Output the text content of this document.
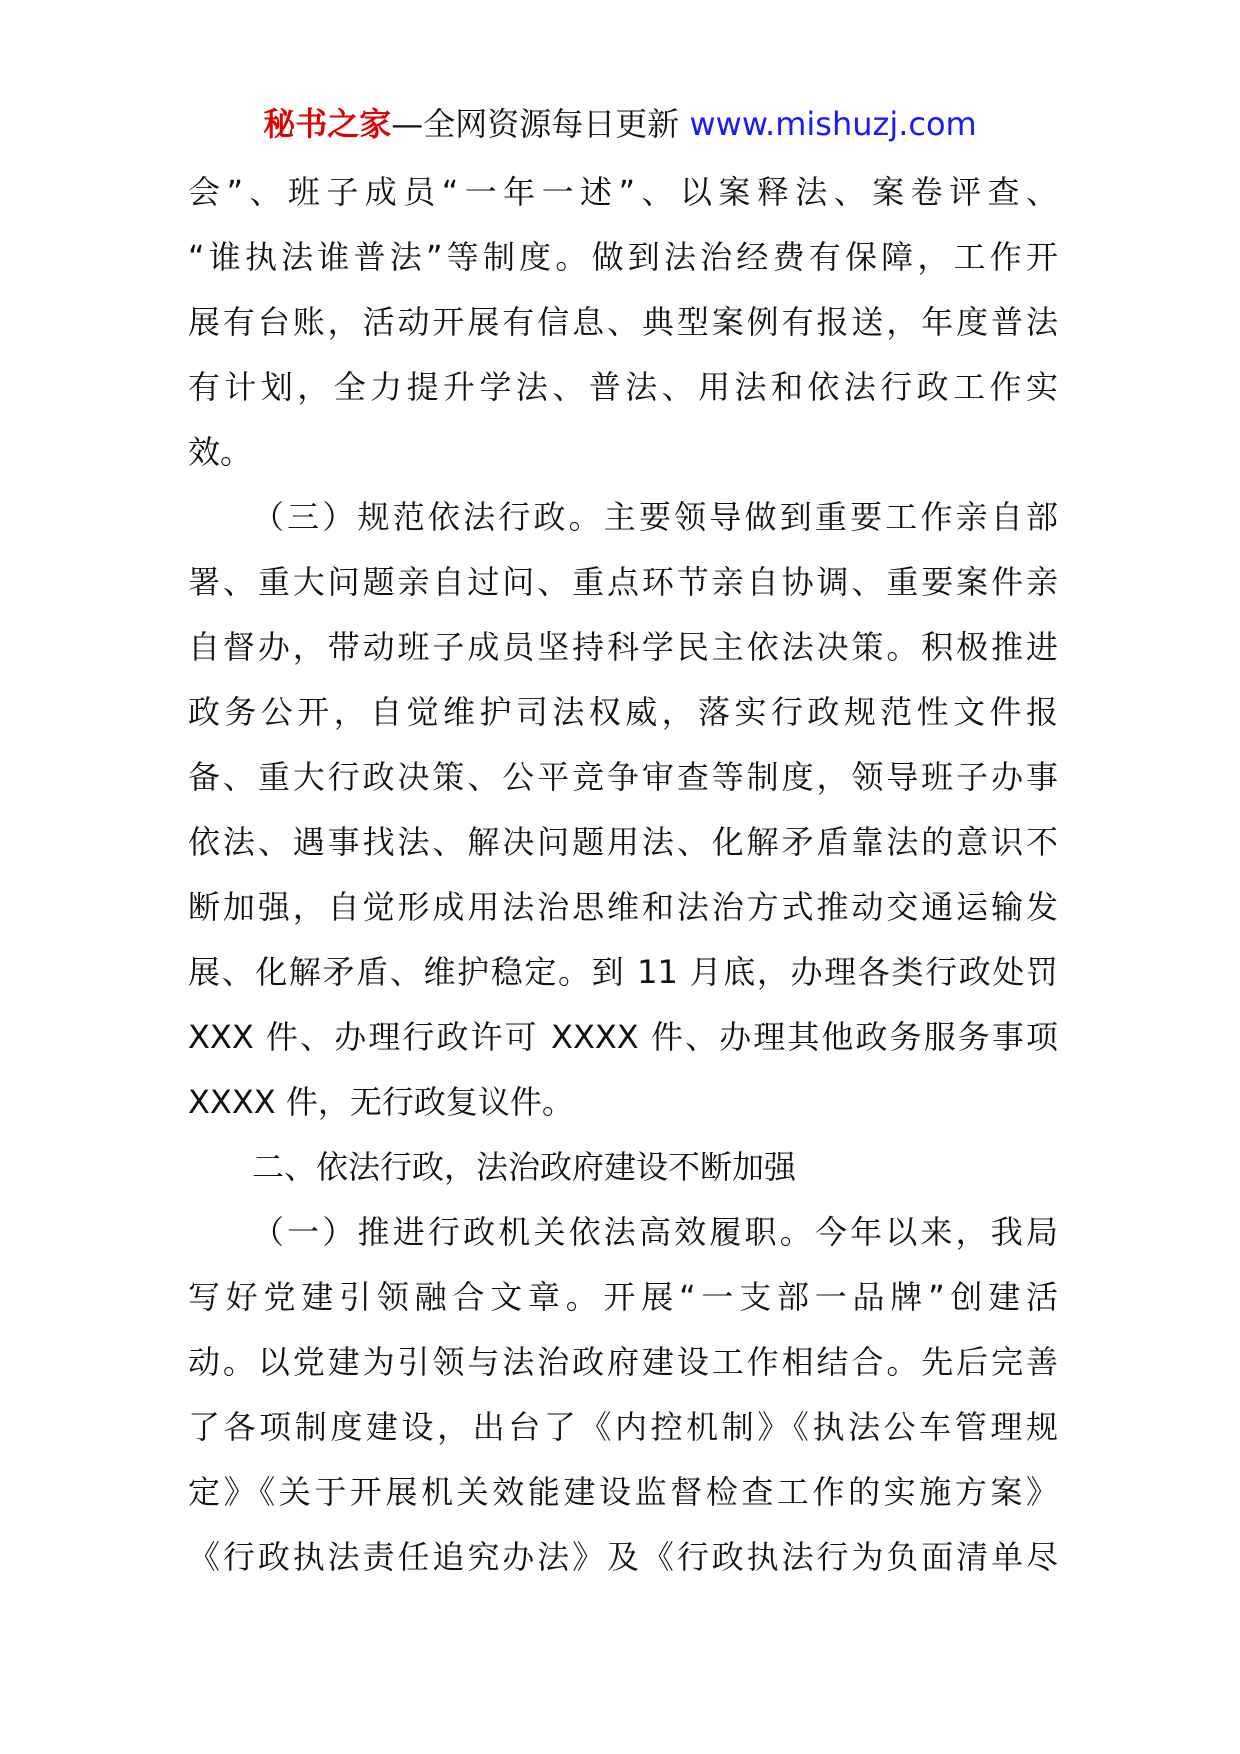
秘书之家—全网资源每日更新 www.mishuzj.com
会”、班子成员“一年一述”、以案释法、案卷评查、
“谁执法谁普法”等制度。做到法治经费有保障，工作开
展有台账，活动开展有信息、典型案例有报送，年度普法
有计划，全力提升学法、普法、用法和依法行政工作实
效。
（三）规范依法行政。主要领导做到重要工作亲自部
署、重大问题亲自过问、重点环节亲自协调、重要案件亲
自督办，带动班子成员坚持科学民主依法决策。积极推进
政务公开，自觉维护司法权威，落实行政规范性文件报
备、重大行政决策、公平竞争审查等制度，领导班子办事
依法、遇事找法、解决问题用法、化解矛盾靠法的意识不
断加强，自觉形成用法治思维和法治方式推动交通运输发
展、化解矛盾、维护稳定。到 11 月底，办理各类行政处罚
XXX 件、办理行政许可 XXXX 件、办理其他政务服务事项
XXXX 件，无行政复议件。
二、依法行政，法治政府建设不断加强
（一）推进行政机关依法高效履职。今年以来，我局
写好党建引领融合文章。开展“一支部一品牌”创建活
动。以党建为引领与法治政府建设工作相结合。先后完善
了各项制度建设，出台了《内控机制》《执法公车管理规
定》《关于开展机关效能建设监督检查工作的实施方案》
《行政执法责任追究办法》及《行政执法行为负面清单尽
